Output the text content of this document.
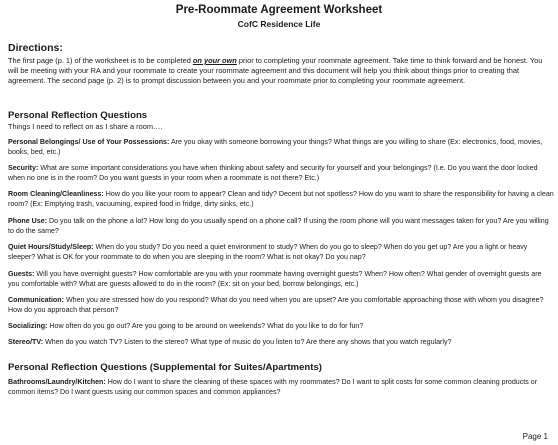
Pre-Roommate Agreement Worksheet
CofC Residence Life
Directions:
The first page (p. 1) of the worksheet is to be completed on your own prior to completing your roommate agreement. Take time to think forward and be honest. You will be meeting with your RA and your roommate to create your roommate agreement and this document will help you think about things prior to creating that agreement. The second page (p. 2) is to prompt discussion between you and your roommate prior to completing your roommate agreement.
Personal Reflection Questions
Things I need to reflect on as I share a room….
Personal Belongings/ Use of Your Possessions: Are you okay with someone borrowing your things? What things are you willing to share (Ex: electronics, food, movies, books, bed, etc.)
Security: What are some important considerations you have when thinking about safety and security for yourself and your belongings? (I.e. Do you want the door locked when no one is in the room? Do you want guests in your room when a roommate is not there? Etc.)
Room Cleaning/Cleanliness: How do you like your room to appear? Clean and tidy? Decent but not spotless? How do you want to share the responsibility for having a clean room? (Ex: Emptying trash, vacuuming, expired food in fridge, dirty sinks, etc.)
Phone Use: Do you talk on the phone a lot? How long do you usually spend on a phone call? If using the room phone will you want messages taken for you? Are you willing to do the same?
Quiet Hours/Study/Sleep: When do you study? Do you need a quiet environment to study? When do you go to sleep? When do you get up? Are you a light or heavy sleeper? What is OK for your roommate to do when you are sleeping in the room? What is not okay? Do you nap?
Guests: Will you have overnight guests? How comfortable are you with your roommate having overnight guests? When? How often? What gender of overnight guests are you comfortable with? What are guests allowed to do in the room? (Ex: sit on your bed, borrow belongings, etc.)
Communication: When you are stressed how do you respond? What do you need when you are upset? Are you comfortable approaching those with whom you disagree? How do you approach that person?
Socializing: How often do you go out? Are you going to be around on weekends? What do you like to do for fun?
Stereo/TV: When do you watch TV? Listen to the stereo? What type of music do you listen to? Are there any shows that you watch regularly?
Personal Reflection Questions (Supplemental for Suites/Apartments)
Bathrooms/Laundry/Kitchen: How do I want to share the cleaning of these spaces with my roommates? Do I want to split costs for some common cleaning products or common items? Do I want guests using our common spaces and common appliances?
Page 1
